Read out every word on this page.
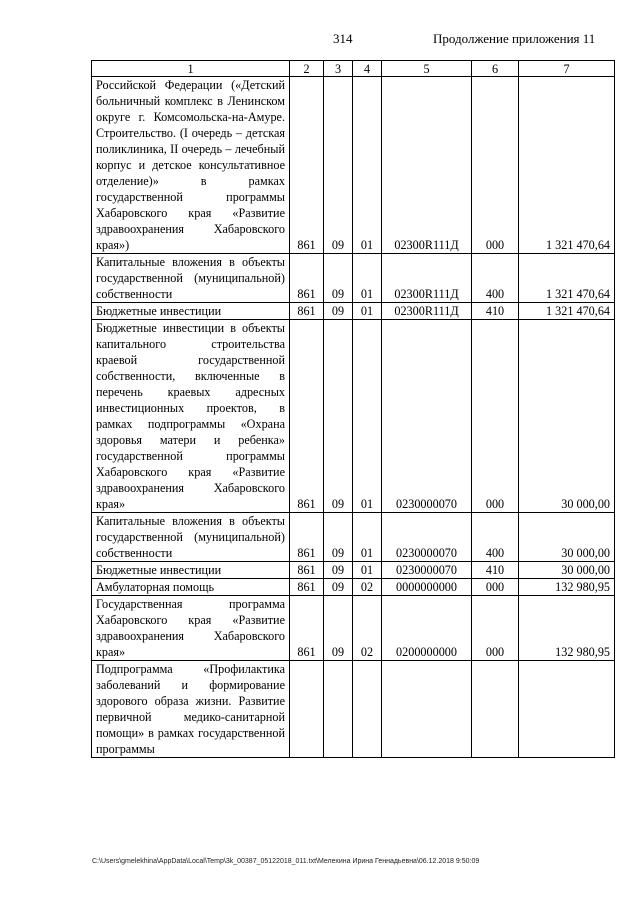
314	Продолжение приложения 11
1	2	3	4	5	6	7
Российской Федерации («Детский больничный комплекс в Ленинском округе г. Комсомольска-на-Амуре. Строительство. (I очередь – детская поликлиника, II очередь – лечебный корпус и детское консультативное отделение)» в рамках государственной программы Хабаровского края «Развитие здравоохранения Хабаровского края»)	861	09	01	02300R111Д	000	1 321 470,64
Капитальные вложения в объекты государственной (муниципальной) собственности	861	09	01	02300R111Д	400	1 321 470,64
Бюджетные инвестиции	861	09	01	02300R111Д	410	1 321 470,64
Бюджетные инвестиции в объекты капитального строительства краевой государственной собственности, включенные в перечень краевых адресных инвестиционных проектов, в рамках подпрограммы «Охрана здоровья матери и ребенка» государственной программы Хабаровского края «Развитие здравоохранения Хабаровского края»	861	09	01	0230000070	000	30 000,00
Капитальные вложения в объекты государственной (муниципальной) собственности	861	09	01	0230000070	400	30 000,00
Бюджетные инвестиции	861	09	01	0230000070	410	30 000,00
Амбулаторная помощь	861	09	02	0000000000	000	132 980,95
Государственная программа Хабаровского края «Развитие здравоохранения Хабаровского края»	861	09	02	0200000000	000	132 980,95
Подпрограмма «Профилактика заболеваний и формирование здорового образа жизни. Развитие первичной медико-санитарной помощи» в рамках государственной программы						
C:\Users\gmelekhina\AppData\Local\Temp\3k_00387_05122018_011.txt\Мелехина Ирина Геннадьевна\06.12.2018 9:50:09
